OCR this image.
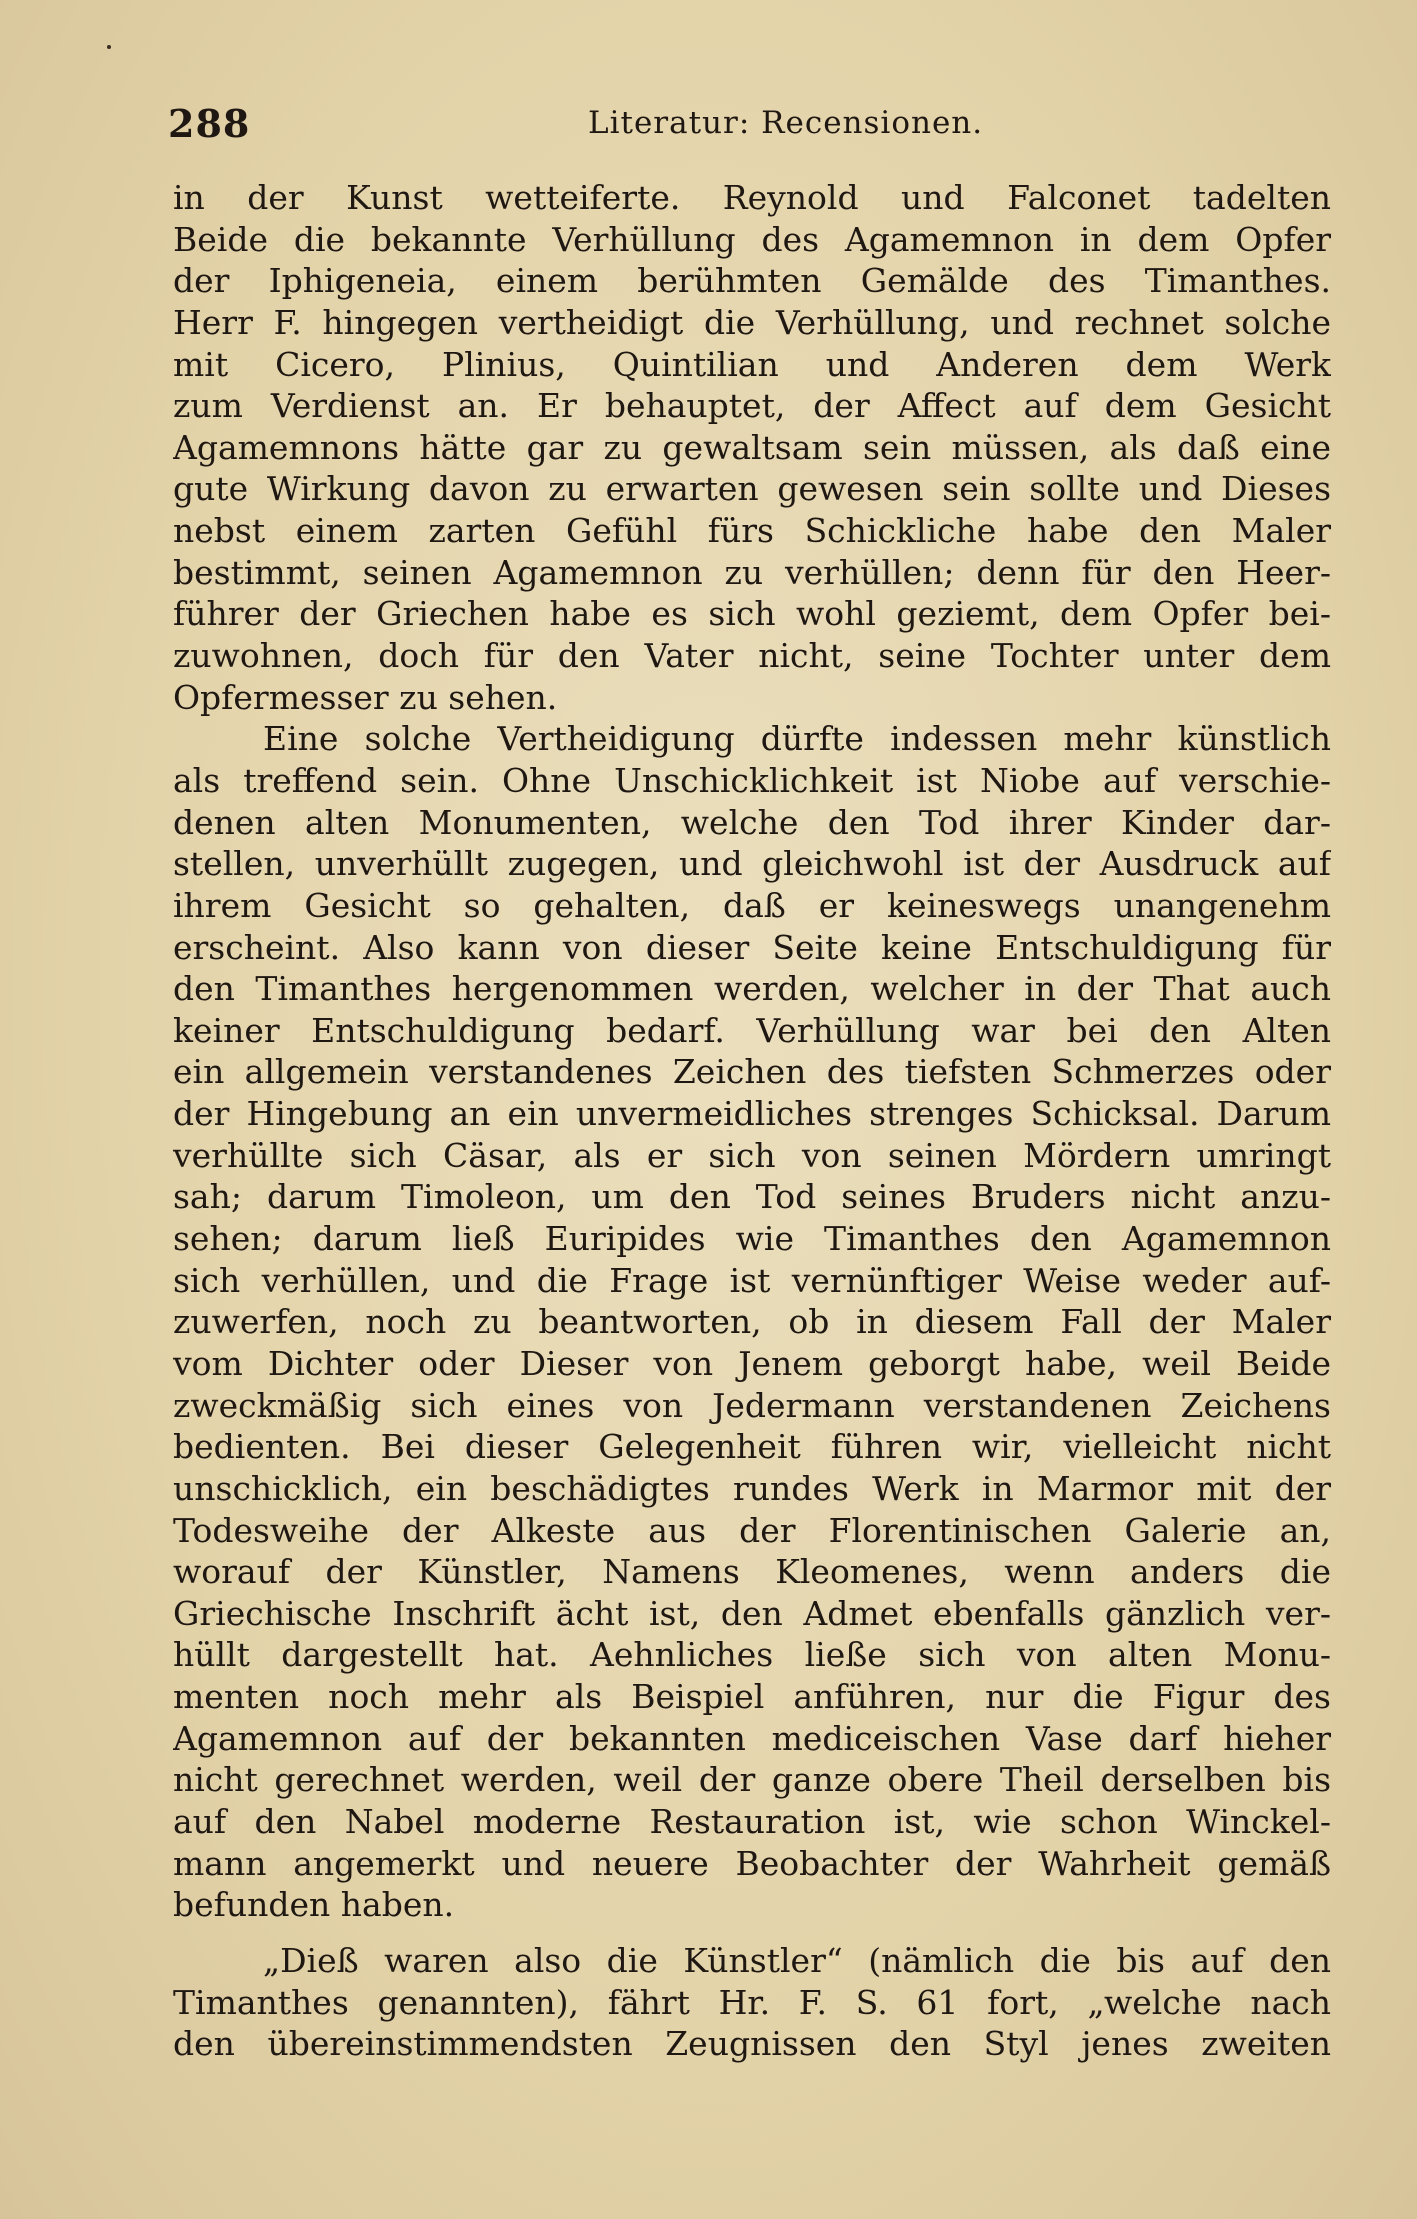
288	Literatur: Recensionen.
in der Kunst wetteiferte. Reynold und Falconet tadelten
Beide die bekannte Verhüllung des Agamemnon in dem Opfer
der Iphigeneia, einem berühmten Gemälde des Timanthes.
Herr F. hingegen vertheidigt die Verhüllung, und rechnet solche
mit Cicero, Plinius, Quintilian und Anderen dem Werk
zum Verdienst an. Er behauptet, der Affect auf dem Gesicht
Agamemnons hätte gar zu gewaltsam sein müssen, als daß eine
gute Wirkung davon zu erwarten gewesen sein sollte und Dieses
nebst einem zarten Gefühl fürs Schickliche habe den Maler
bestimmt, seinen Agamemnon zu verhüllen; denn für den Heer-
führer der Griechen habe es sich wohl geziemt, dem Opfer bei-
zuwohnen, doch für den Vater nicht, seine Tochter unter dem
Opfermesser zu sehen.
Eine solche Vertheidigung dürfte indessen mehr künstlich
als treffend sein. Ohne Unschicklichkeit ist Niobe auf verschie-
denen alten Monumenten, welche den Tod ihrer Kinder dar-
stellen, unverhüllt zugegen, und gleichwohl ist der Ausdruck auf
ihrem Gesicht so gehalten, daß er keineswegs unangenehm
erscheint. Also kann von dieser Seite keine Entschuldigung für
den Timanthes hergenommen werden, welcher in der That auch
keiner Entschuldigung bedarf. Verhüllung war bei den Alten
ein allgemein verstandenes Zeichen des tiefsten Schmerzes oder
der Hingebung an ein unvermeidliches strenges Schicksal. Darum
verhüllte sich Cäsar, als er sich von seinen Mördern umringt
sah; darum Timoleon, um den Tod seines Bruders nicht anzu-
sehen; darum ließ Euripides wie Timanthes den Agamemnon
sich verhüllen, und die Frage ist vernünftiger Weise weder auf-
zuwerfen, noch zu beantworten, ob in diesem Fall der Maler
vom Dichter oder Dieser von Jenem geborgt habe, weil Beide
zweckmäßig sich eines von Jedermann verstandenen Zeichens
bedienten. Bei dieser Gelegenheit führen wir, vielleicht nicht
unschicklich, ein beschädigtes rundes Werk in Marmor mit der
Todesweihe der Alkeste aus der Florentinischen Galerie an,
worauf der Künstler, Namens Kleomenes, wenn anders die
Griechische Inschrift ächt ist, den Admet ebenfalls gänzlich ver-
hüllt dargestellt hat. Aehnliches ließe sich von alten Monu-
menten noch mehr als Beispiel anführen, nur die Figur des
Agamemnon auf der bekannten mediceischen Vase darf hieher
nicht gerechnet werden, weil der ganze obere Theil derselben bis
auf den Nabel moderne Restauration ist, wie schon Winckel-
mann angemerkt und neuere Beobachter der Wahrheit gemäß
befunden haben.
„Dieß waren also die Künstler“ (nämlich die bis auf den
Timanthes genannten), fährt Hr. F. S. 61 fort, „welche nach
den übereinstimmendsten Zeugnissen den Styl jenes zweiten
